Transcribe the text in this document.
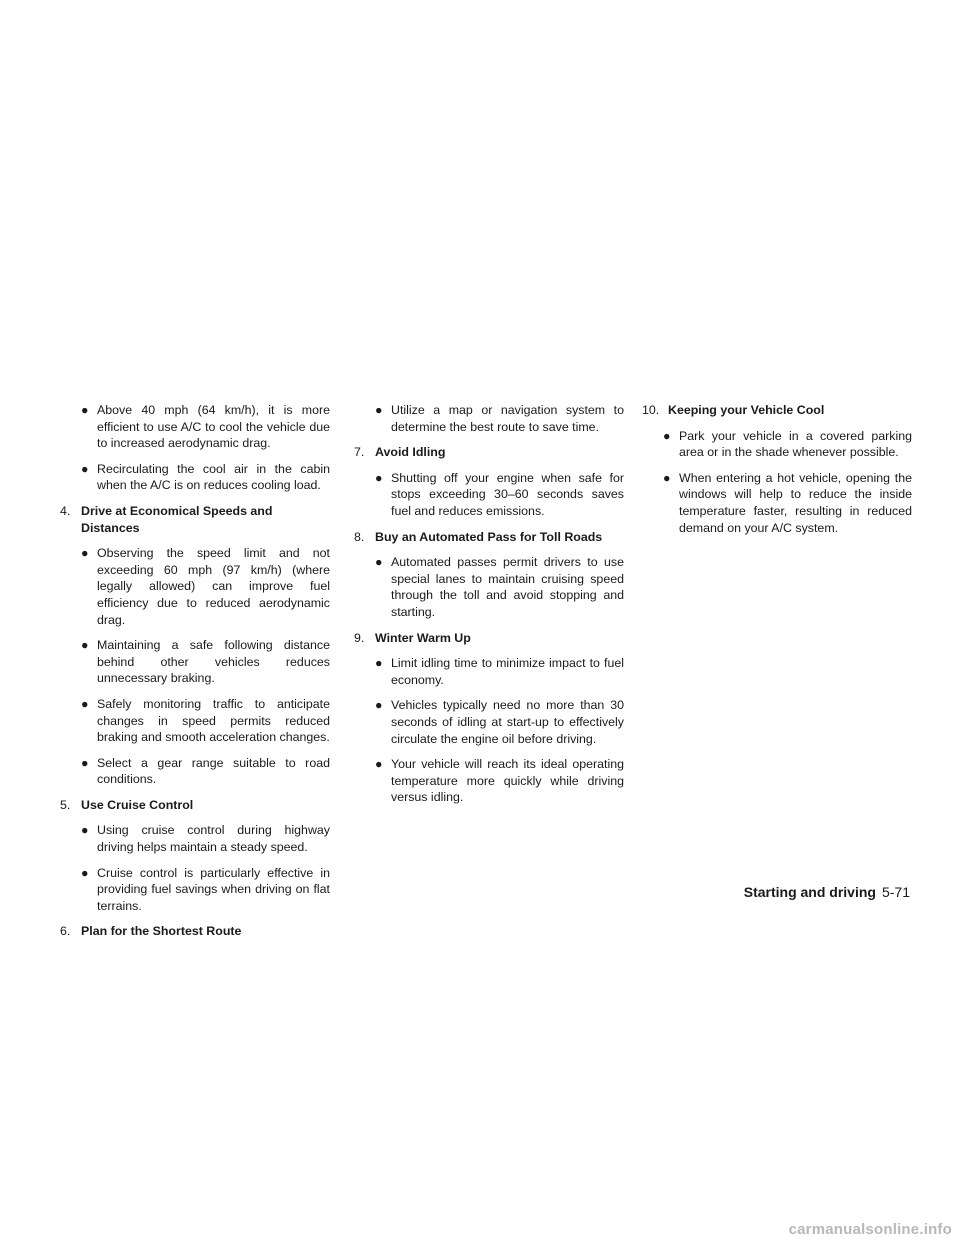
● Above 40 mph (64 km/h), it is more efficient to use A/C to cool the vehicle due to increased aerodynamic drag.
● Recirculating the cool air in the cabin when the A/C is on reduces cooling load.
4. Drive at Economical Speeds and Distances
● Observing the speed limit and not exceeding 60 mph (97 km/h) (where legally allowed) can improve fuel efficiency due to reduced aerodynamic drag.
● Maintaining a safe following distance behind other vehicles reduces unnecessary braking.
● Safely monitoring traffic to anticipate changes in speed permits reduced braking and smooth acceleration changes.
● Select a gear range suitable to road conditions.
5. Use Cruise Control
● Using cruise control during highway driving helps maintain a steady speed.
● Cruise control is particularly effective in providing fuel savings when driving on flat terrains.
6. Plan for the Shortest Route
● Utilize a map or navigation system to determine the best route to save time.
7. Avoid Idling
● Shutting off your engine when safe for stops exceeding 30–60 seconds saves fuel and reduces emissions.
8. Buy an Automated Pass for Toll Roads
● Automated passes permit drivers to use special lanes to maintain cruising speed through the toll and avoid stopping and starting.
9. Winter Warm Up
● Limit idling time to minimize impact to fuel economy.
● Vehicles typically need no more than 30 seconds of idling at start-up to effectively circulate the engine oil before driving.
● Your vehicle will reach its ideal operating temperature more quickly while driving versus idling.
10. Keeping your Vehicle Cool
● Park your vehicle in a covered parking area or in the shade whenever possible.
● When entering a hot vehicle, opening the windows will help to reduce the inside temperature faster, resulting in reduced demand on your A/C system.
Starting and driving 5-71
carmanualsonline.info
